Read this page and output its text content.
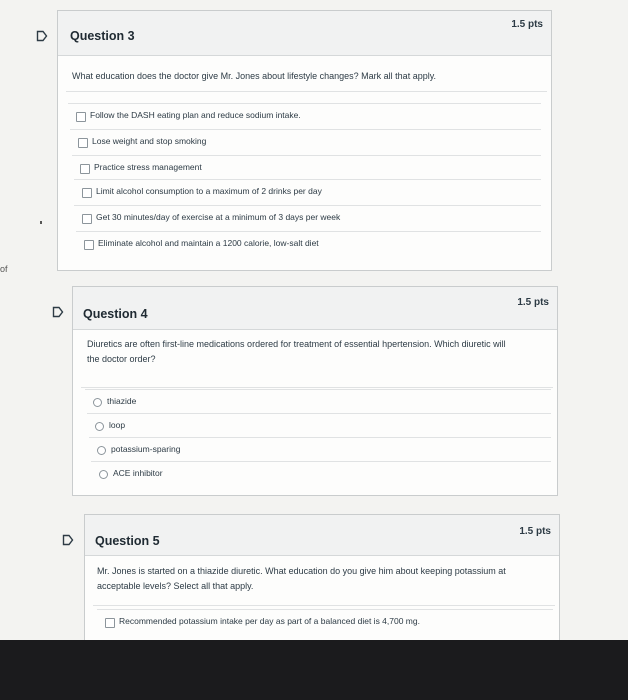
of
Question 3
1.5 pts
What education does the doctor give Mr. Jones about lifestyle changes? Mark all that apply.
Follow the DASH eating plan and reduce sodium intake.
Lose weight and stop smoking
Practice stress management
Limit alcohol consumption to a maximum of 2 drinks per day
Get 30 minutes/day of exercise at a minimum of 3 days per week
Eliminate alcohol and maintain a 1200 calorie, low-salt diet
Question 4
1.5 pts
Diuretics are often first-line medications ordered for treatment of essential hpertension. Which diuretic will
the doctor order?
thiazide
loop
potassium-sparing
ACE inhibitor
Question 5
1.5 pts
Mr. Jones is started on a thiazide diuretic. What education do you give him about keeping potassium at
acceptable levels? Select all that apply.
Recommended potassium intake per day as part of a balanced diet is 4,700 mg.
